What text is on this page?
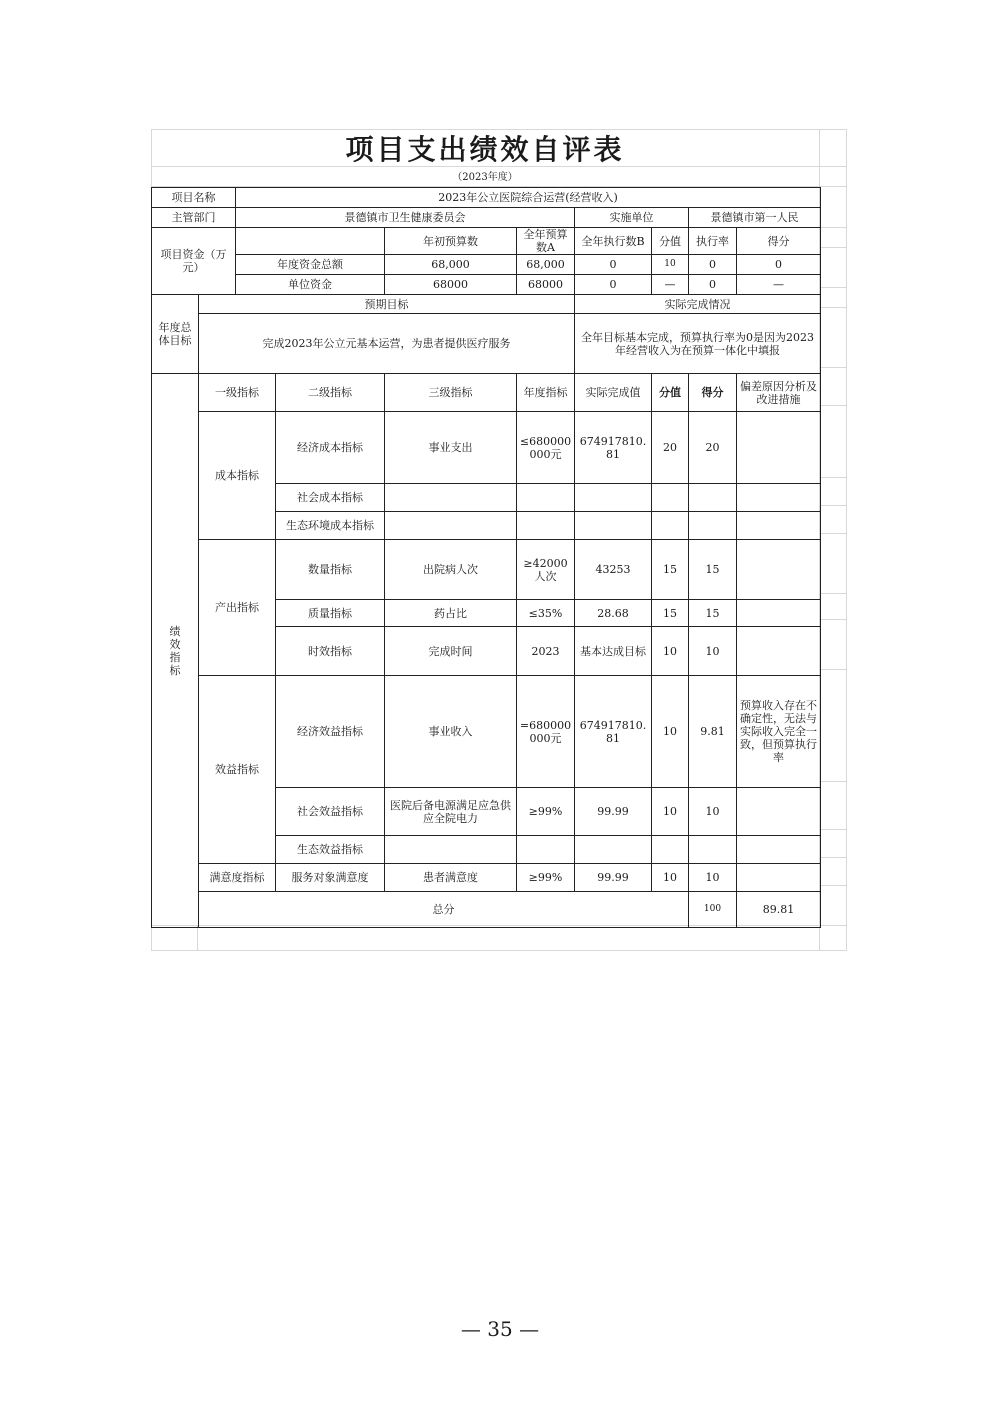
项目支出绩效自评表
（2023年度）
项目名称		2023年公立医院综合运营(经营收入)								
主管部门		景德镇市卫生健康委员会				实施单位		景德镇市第一人民		
项目资金（万元）				年初预算数	全年预算数A	全年执行数B	分值	执行率	得分	
		年度资金总额		68,000	68,000	0	10	0	0	
		单位资金		68000	68000	0	—	0	—	
年度总体目标	预期目标					实际完成情况				
	完成2023年公立元基本运营，为患者提供医疗服务					全年目标基本完成，预算执行率为0是因为2023年经营收入为在预算一体化中填报				
绩效指标	一级指标		二级指标	三级指标	年度指标	实际完成值	分值	得分	偏差原因分析及改进措施	
	成本指标		经济成本指标	事业支出	≤680000000元	674917810.81	20	20		
			社会成本指标							
			生态环境成本指标							
	产出指标		数量指标	出院病人次	≥42000人次	43253	15	15		
			质量指标	药占比	≤35%	28.68	15	15		
			时效指标	完成时间	2023	基本达成目标	10	10		
	效益指标		经济效益指标	事业收入	=680000000元	674917810.81	10	9.81	预算收入存在不确定性，无法与实际收入完全一致，但预算执行率	
			社会效益指标	医院后备电源满足应急供应全院电力	≥99%	99.99	10	10		
			生态效益指标							
	满意度指标		服务对象满意度	患者满意度	≥99%	99.99	10	10		
	总分							100	89.81	
— 35 —
